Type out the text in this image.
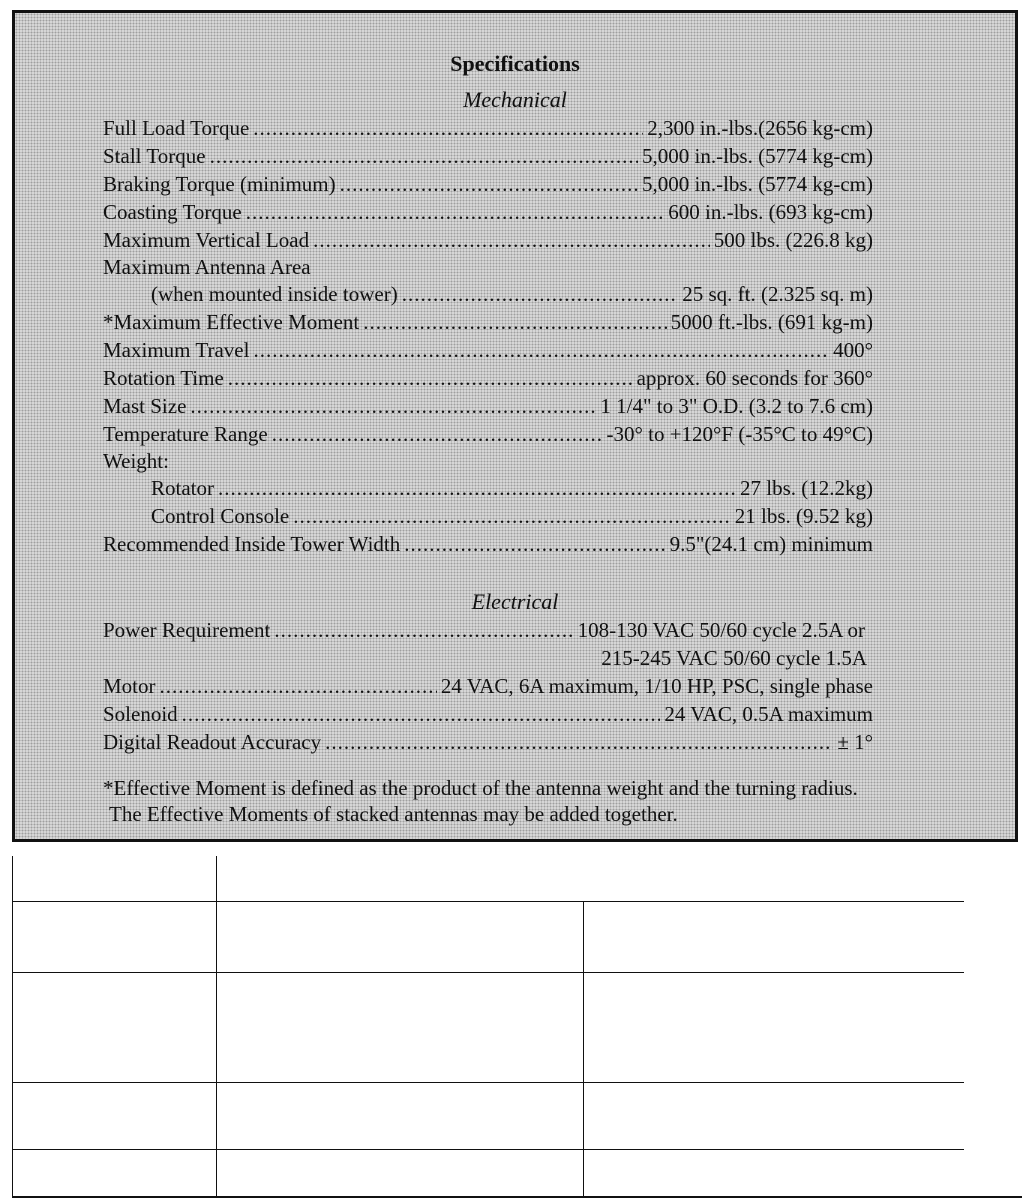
Specifications
Mechanical
Full Load Torque .....	2,300 in.-lbs.(2656 kg-cm)
Stall Torque .....	5,000 in.-lbs. (5774 kg-cm)
Braking Torque (minimum) .....	5,000 in.-lbs. (5774 kg-cm)
Coasting Torque .....	600 in.-lbs. (693 kg-cm)
Maximum Vertical Load .....	500 lbs. (226.8 kg)
Maximum Antenna Area
(when mounted inside tower) .....	25 sq. ft. (2.325 sq. m)
*Maximum Effective Moment .....	5000 ft.-lbs. (691 kg-m)
Maximum Travel .....	400°
Rotation Time .....	approx. 60 seconds for 360°
Mast Size .....	1 1/4" to 3" O.D. (3.2 to 7.6 cm)
Temperature Range .....	-30° to +120°F (-35°C to 49°C)
Weight:
Rotator .....	27 lbs. (12.2kg)
Control Console .....	21 lbs. (9.52 kg)
Recommended Inside Tower Width .....	9.5"(24.1 cm) minimum
Electrical
Power Requirement .....	108-130 VAC 50/60 cycle 2.5A or
215-245 VAC 50/60 cycle 1.5A
Motor .....	24 VAC, 6A maximum, 1/10 HP, PSC, single phase
Solenoid .....	24 VAC, 0.5A maximum
Digital Readout Accuracy .....	± 1°

*Effective Moment is defined as the product of the antenna weight and the turning radius.

The Effective Moments of stacked antennas may be added together.
